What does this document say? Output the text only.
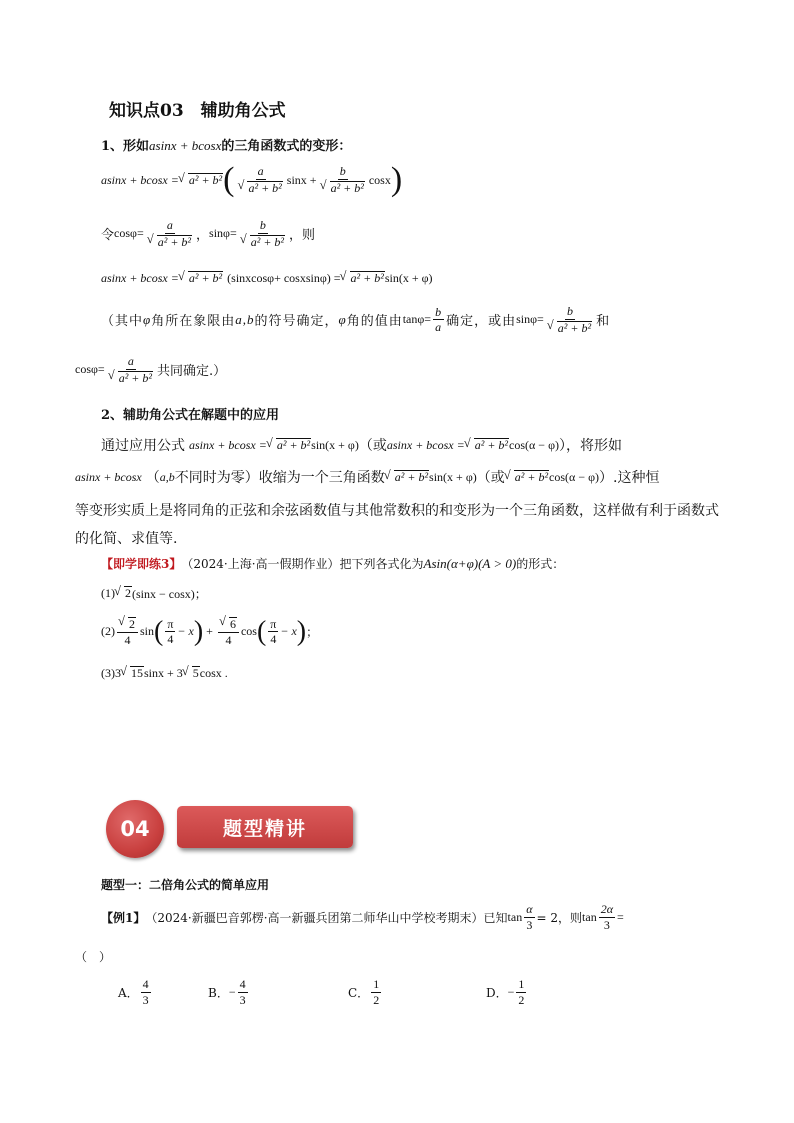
知识点03　辅助角公式
1、形如asinx + bcosx的三角函数式的变形：
asinx + bcosx = √ a² + b² ( a
√ a² + b² sinx + b
√ a² + b² cosx )
令 cosφ= a
√ a² + b² ， sinφ= b
√ a² + b² ，则
asinx + bcosx = √ a² + b² (sinxcosφ+ cosxsinφ) = √ a² + b² sin(x + φ)
（其中 φ 角所在象限由 a,b 的符号确定， φ 角的值由 $\tan\varphi= \frac{b}{a}$ 确定，或由 sinφ= b
√ a² + b² 和
cosφ= a
√ a² + b² 共同确定.）
2、辅助角公式在解题中的应用
通过应用公式 asinx + bcosx = √ a² + b² sin(x + φ) （或 asinx + bcosx = √ a² + b² cos(α − φ) ），将形如
asinx + bcosx （ a,b 不同时为零）收缩为一个三角函数 √ a² + b² sin(x + φ) （或 √ a² + b² cos(α − φ) ）.这种恒
等变形实质上是将同角的正弦和余弦函数值与其他常数积的和变形为一个三角函数，这样做有利于函数式
的化简、求值等.
【即学即练3】 （2024·上海·高一假期作业）把下列各式化为 Asin(α+φ)(A > 0) 的形式：
(1) √ 2 (sinx − cosx)；
(2) √ $\frac{2}{4}$ sin ( $\frac{\pi}{4} - x$ ) + √ $\frac{6}{4}$ cos ( $\frac{\pi}{4} - x$ ) ；
(3) 3 √ 15 sinx + 3 √ 5 cosx .
04	题型精讲
题型一：二倍角公式的简单应用
【例1】 （2024·新疆巴音郭楞·高一新疆兵团第二师华山中学校考期末）已知 $\tan \frac{\alpha}{3} = 2$，则 $\tan \frac{2\alpha}{3}$ =
（　）
A． $\frac{4}{3}$	B． − $\frac{4}{3}$	C． $\frac{1}{2}$	D． − $\frac{1}{2}$
